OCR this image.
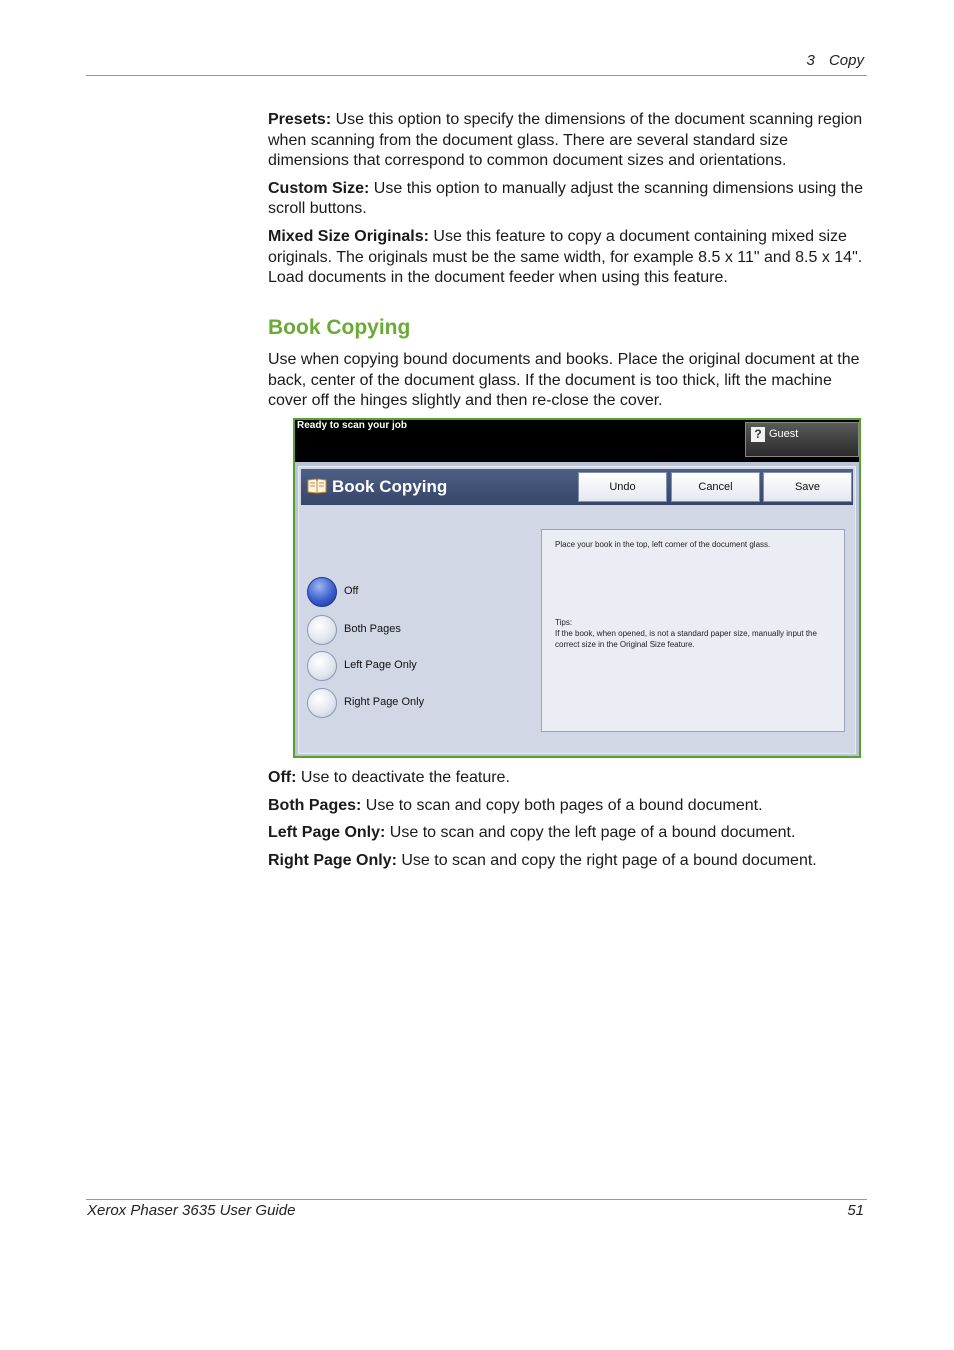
3 Copy

Presets: Use this option to specify the dimensions of the document scanning region when scanning from the document glass. There are several standard size dimensions that correspond to common document sizes and orientations.

Custom Size: Use this option to manually adjust the scanning dimensions using the scroll buttons.

Mixed Size Originals: Use this feature to copy a document containing mixed size originals. The originals must be the same width, for example 8.5 x 11" and 8.5 x 14". Load documents in the document feeder when using this feature.

Book Copying

Use when copying bound documents and books. Place the original document at the back, center of the document glass. If the document is too thick, lift the machine cover off the hinges slightly and then re-close the cover.

Ready to scan your job
? Guest
Book Copying	Undo	Cancel	Save
Off
Both Pages
Left Page Only
Right Page Only
Place your book in the top, left corner of the document glass.
Tips:
If the book, when opened, is not a standard paper size, manually input the correct size in the Original Size feature.

Off: Use to deactivate the feature.

Both Pages: Use to scan and copy both pages of a bound document.

Left Page Only: Use to scan and copy the left page of a bound document.

Right Page Only: Use to scan and copy the right page of a bound document.

Xerox Phaser 3635 User Guide	51
